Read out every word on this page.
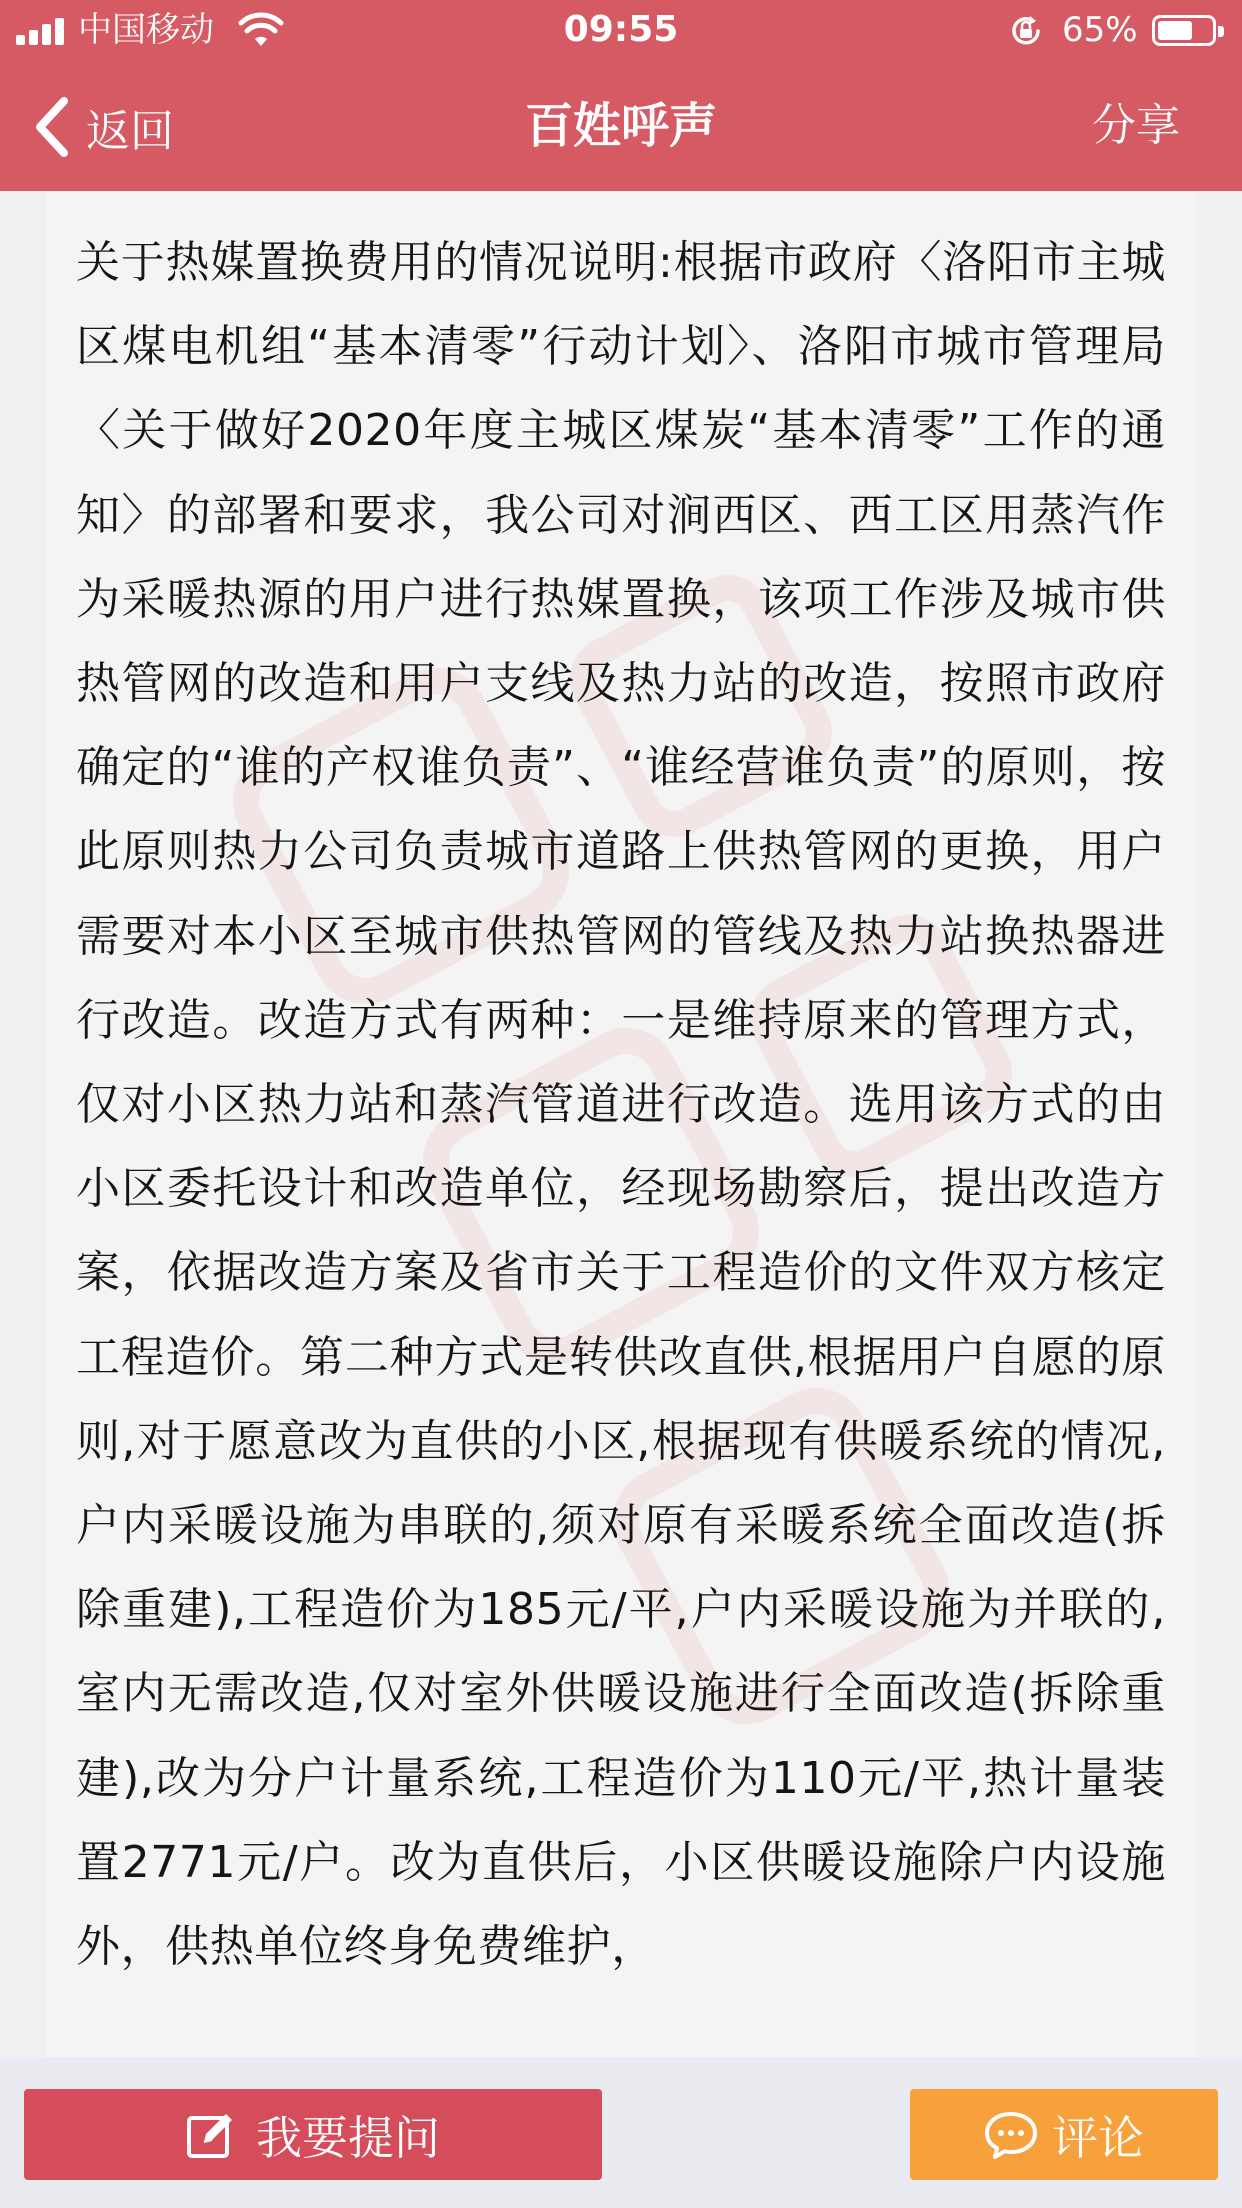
中国移动	09:55	65%
返回	百姓呼声	分享
关于热媒置换费用的情况说明:根据市政府〈洛阳市主城区煤电机组“基本清零”行动计划〉、洛阳市城市管理局〈关于做好2020年度主城区煤炭“基本清零”工作的通知〉的部署和要求，我公司对涧西区、西工区用蒸汽作为采暖热源的用户进行热媒置换，该项工作涉及城市供热管网的改造和用户支线及热力站的改造，按照市政府确定的“谁的产权谁负责”、“谁经营谁负责”的原则，按此原则热力公司负责城市道路上供热管网的更换，用户需要对本小区至城市供热管网的管线及热力站换热器进行改造。改造方式有两种：一是维持原来的管理方式，仅对小区热力站和蒸汽管道进行改造。选用该方式的由小区委托设计和改造单位，经现场勘察后，提出改造方案，依据改造方案及省市关于工程造价的文件双方核定工程造价。第二种方式是转供改直供,根据用户自愿的原则,对于愿意改为直供的小区,根据现有供暖系统的情况,户内采暖设施为串联的,须对原有采暖系统全面改造(拆除重建),工程造价为185元/平,户内采暖设施为并联的,室内无需改造,仅对室外供暖设施进行全面改造(拆除重建),改为分户计量系统,工程造价为110元/平,热计量装置2771元/户。改为直供后，小区供暖设施除户内设施外，供热单位终身免费维护，
我要提问	评论
